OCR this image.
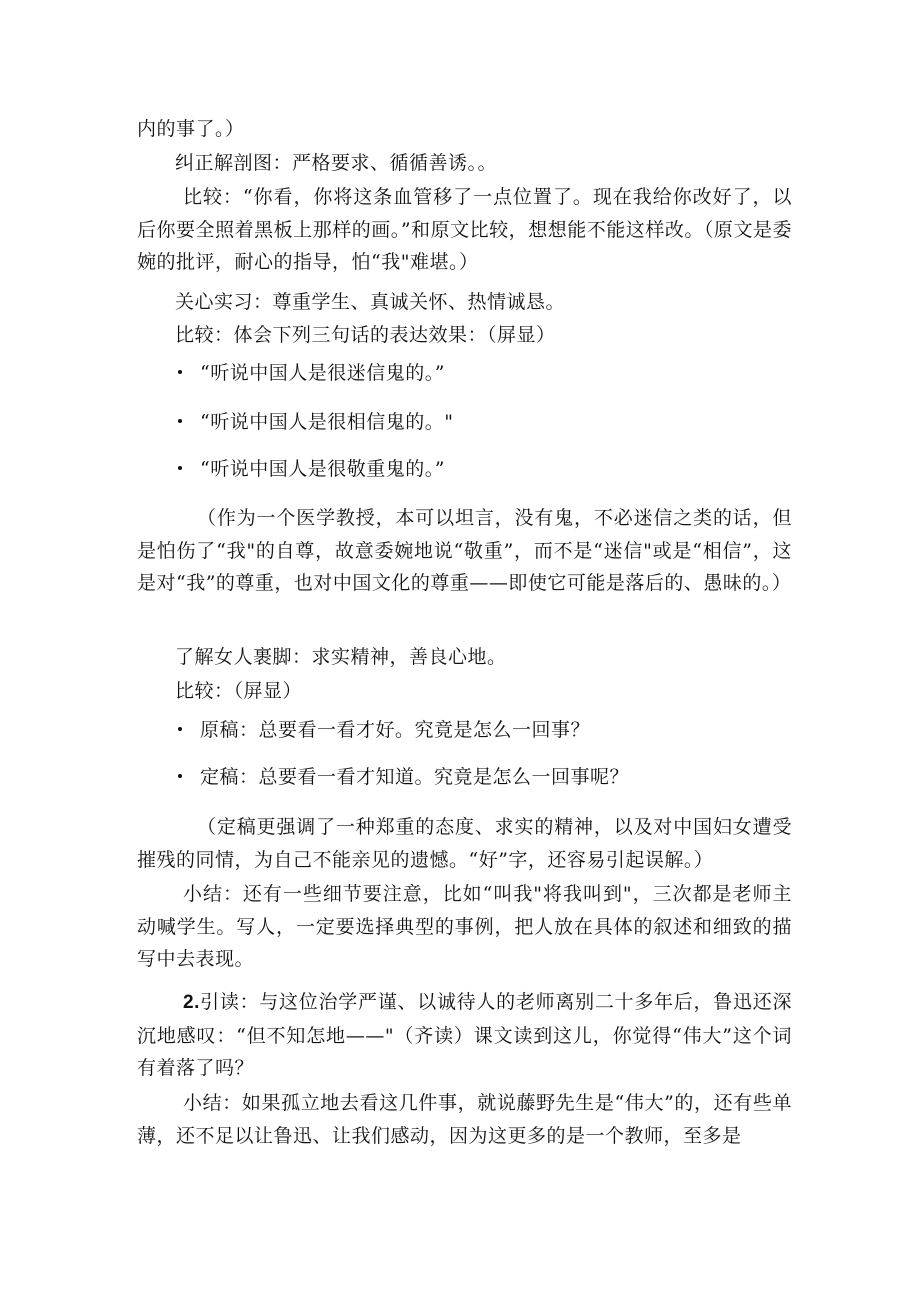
内的事了。）
纠正解剖图：严格要求、循循善诱。。
比较：“你看，你将这条血管移了一点位置了。现在我给你改好了，以后你要全照着黑板上那样的画。”和原文比较，想想能不能这样改。（原文是委婉的批评，耐心的指导，怕“我"难堪。）
关心实习：尊重学生、真诚关怀、热情诚恳。
比较：体会下列三句话的表达效果：（屏显）
“听说中国人是很迷信鬼的。”
“听说中国人是很相信鬼的。"
“听说中国人是很敬重鬼的。”
（作为一个医学教授，本可以坦言，没有鬼，不必迷信之类的话，但是怕伤了“我"的自尊，故意委婉地说“敬重”，而不是“迷信"或是“相信”，这是对“我”的尊重，也对中国文化的尊重——即使它可能是落后的、愚昧的。）
了解女人裹脚：求实精神，善良心地。
比较：（屏显）
原稿：总要看一看才好。究竟是怎么一回事？
定稿：总要看一看才知道。究竟是怎么一回事呢？
（定稿更强调了一种郑重的态度、求实的精神，以及对中国妇女遭受摧残的同情，为自己不能亲见的遗憾。“好”字，还容易引起误解。）
小结：还有一些细节要注意，比如“叫我"将我叫到"，三次都是老师主动喊学生。写人，一定要选择典型的事例，把人放在具体的叙述和细致的描写中去表现。
2.引读：与这位治学严谨、以诚待人的老师离别二十多年后，鲁迅还深沉地感叹：“但不知怎地——"（齐读）课文读到这儿，你觉得“伟大”这个词有着落了吗？
小结：如果孤立地去看这几件事，就说藤野先生是“伟大”的，还有些单薄，还不足以让鲁迅、让我们感动，因为这更多的是一个教师，至多是
